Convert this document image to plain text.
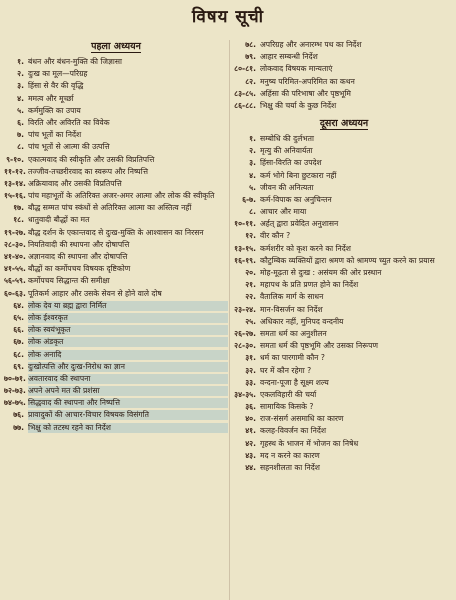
विषय सूची
पहला अध्ययन
१. बंधन और बंधन-मुक्ति की जिज्ञासा
२. दुःख का मूल—परिग्रह
३. हिंसा से वैर की वृद्धि
४. ममत्व और मूर्च्छा
५. कर्ममुक्ति का उपाय
६. विरति और अविरति का विवेक
७. पांच भूतों का निर्देश
८. पांच भूतों से आत्मा की उत्पत्ति
९-१०. एकात्मवाद की स्वीकृति और उसकी विप्रतिपत्ति
११-१२. तज्जीव-तच्छरीरवाद का स्वरूप और निष्पत्ति
१३-१४. अक्रियावाद और उसकी विप्रतिपत्ति
१५-१६. पांच महाभूतों के अतिरिक्त अजर-अमर आत्मा और लोक की स्वीकृति
१७. बौद्ध सम्मत पांच स्कंधों से अतिरिक्त आत्मा का अस्तित्व नहीं
१८. धातुवादी बौद्धों का मत
१९-२७. बौद्ध दर्शन के एकान्तवाद से दुःख-मुक्ति के आश्वासन का निरसन
२८-३०. नियतिवादी की स्थापना और दोषापत्ति
४१-४०. अज्ञानवाद की स्थापना और दोषापत्ति
४१-५५. बौद्धों का कर्मोपचय विषयक दृष्टिकोण
५६-५९. कर्मोपचय सिद्धान्त की समीक्षा
६०-६३. पूतिकर्म आहार और उसके सेवन से होने वाले दोष
६४. लोक देव या ब्रह्म द्वारा निर्मित
६५. लोक ईश्वरकृत
६६. लोक स्वयंभूकृत
६७. लोक अंडकृत
६८. लोक अनादि
६९. दुःखोत्पत्ति और दुःख-निरोध का ज्ञान
७०-७१. अवतारवाद की स्थापना
७२-७३. अपने अपने मत की प्रशंसा
७४-७५. सिद्धवाद की स्थापना और निष्पत्ति
७६. प्रावादुकों की आचार-विचार विषयक विसंगति
७७. भिक्षु को तटस्थ रहने का निर्देश
७८. अपरिग्रह और अनारम्भ पथ का निर्देश
७९. आहार सम्बन्धी निर्देश
८०-८१. लोकवाद विषयक मान्यताएं
८२. मनुष्य परिमित-अपरिमित का कथन
८३-८५. अहिंसा की परिभाषा और पृष्ठभूमि
८६-८८. भिक्षु की चर्या के कुछ निर्देश
दूसरा अध्ययन
१. सम्बोधि की दुर्लभता
२. मृत्यु की अनिवार्यता
३. हिंसा-विरति का उपदेश
४. कर्म भोगे बिना छुटकारा नहीं
५. जीवन की अनित्यता
६-७. कर्म-विपाक का अनुचिन्तन
८. आचार और माया
१०-११. अर्हत् द्वारा प्रवेदित अनुशासन
१२. वीर कौन ?
१३-१५. कर्मशरीर को कृश करने का निर्देश
१६-१९. कौटुम्बिक व्यक्तियों द्वारा श्रमण को श्रामण्य च्युत करने का प्रयास
२०. मोह-मूढ़ता से दुःख : असंयम की ओर प्रस्थान
२१. महापथ के प्रति प्रणत होने का निर्देश
२२. वैतालिक मार्ग के साधन
२३-२४. मान-विसर्जन का निर्देश
२५. अधिकार नहीं, मुनिपद वन्दनीय
२६-२७. समता धर्म का अनुशीलन
२८-३०. समता धर्म की पृष्ठभूमि और उसका निरूपण
३१. धर्म का पारगामी कौन ?
३२. घर में कौन रहेगा ?
३३. वन्दना-पूजा है सूक्ष्म शल्य
३४-३५. एकलविहारी की चर्या
३६. सामायिक किसके ?
४०. राज-संसर्ग असमाधि का कारण
४१. कलह-विवर्जन का निर्देश
४२. गृहस्थ के भाजन में भोजन का निषेध
४३. मद न करने का कारण
४४. सहनशीलता का निर्देश
